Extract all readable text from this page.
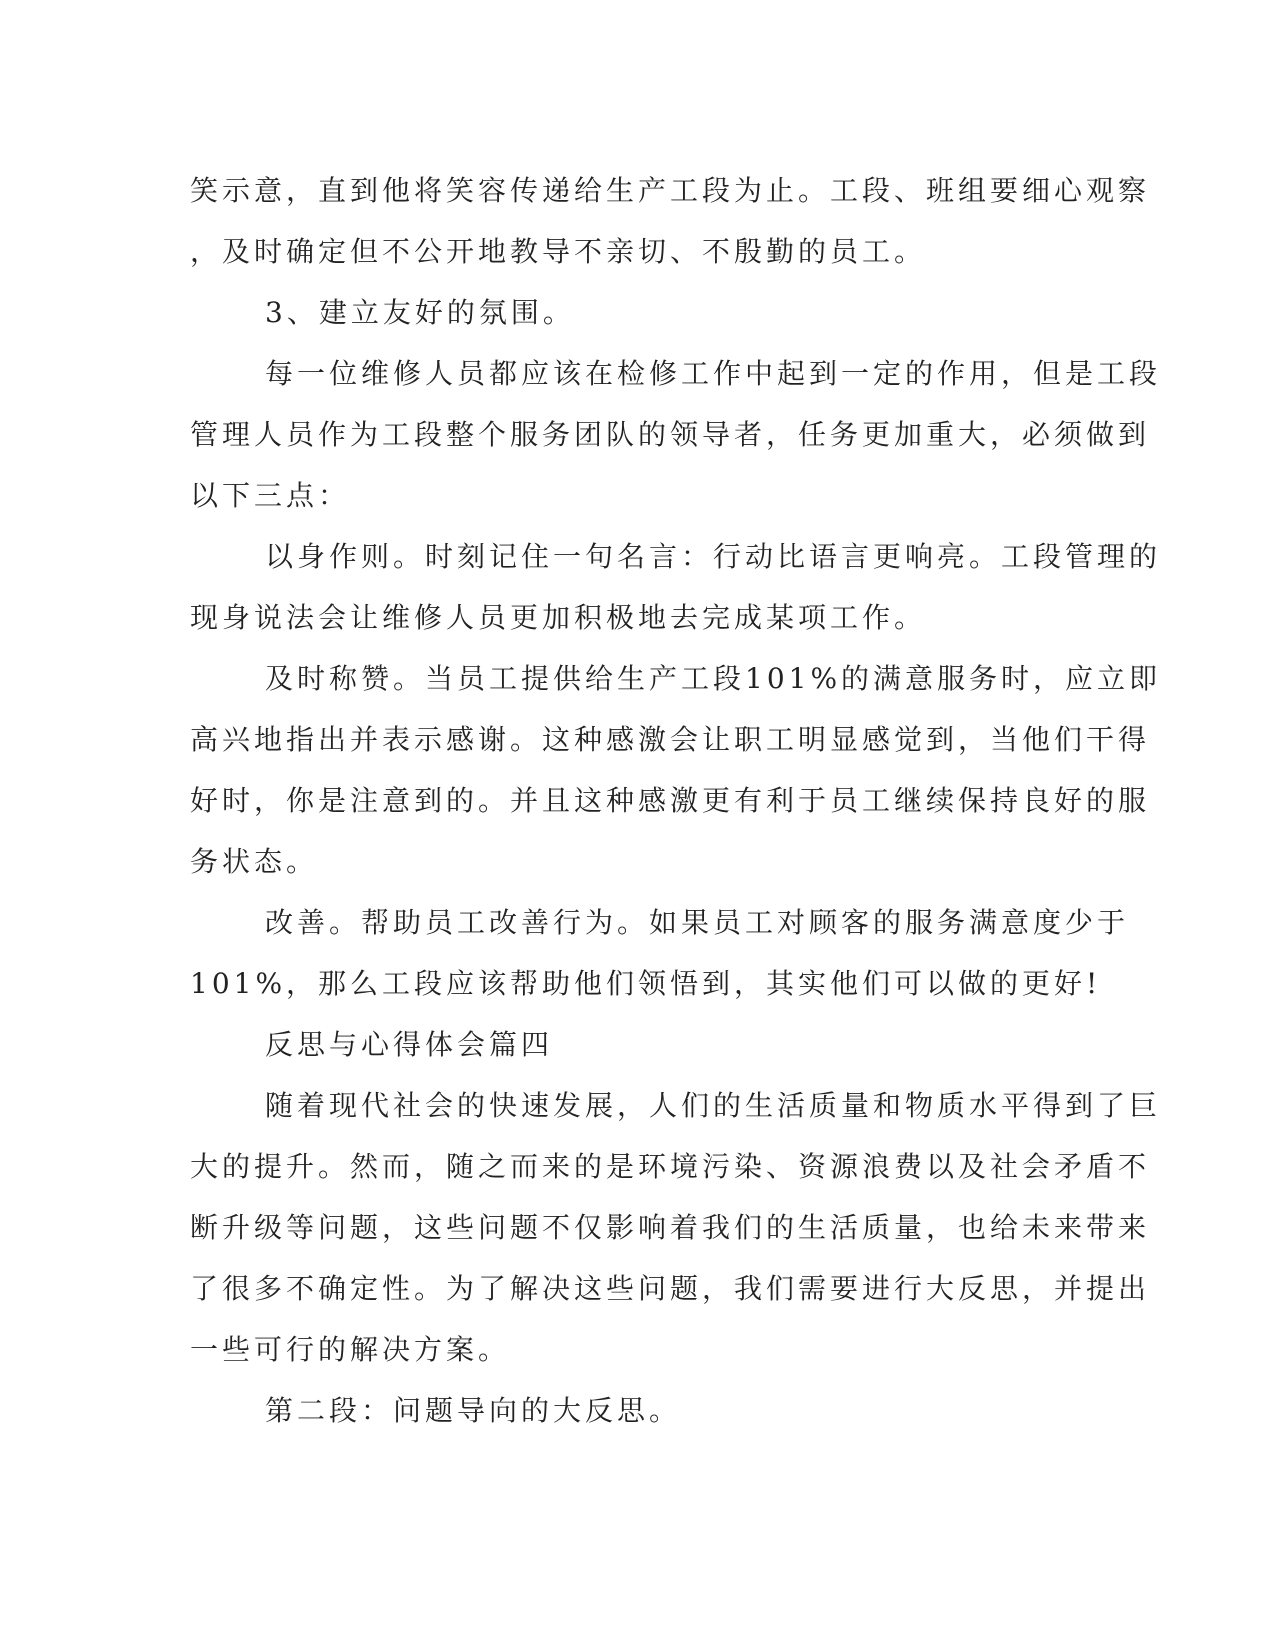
笑示意，直到他将笑容传递给生产工段为止。工段、班组要细心观察
，及时确定但不公开地教导不亲切、不殷勤的员工。
3、建立友好的氛围。
每一位维修人员都应该在检修工作中起到一定的作用，但是工段
管理人员作为工段整个服务团队的领导者，任务更加重大，必须做到
以下三点：
以身作则。时刻记住一句名言：行动比语言更响亮。工段管理的
现身说法会让维修人员更加积极地去完成某项工作。
及时称赞。当员工提供给生产工段101%的满意服务时，应立即
高兴地指出并表示感谢。这种感激会让职工明显感觉到，当他们干得
好时，你是注意到的。并且这种感激更有利于员工继续保持良好的服
务状态。
改善。帮助员工改善行为。如果员工对顾客的服务满意度少于
101%，那么工段应该帮助他们领悟到，其实他们可以做的更好!
反思与心得体会篇四
随着现代社会的快速发展，人们的生活质量和物质水平得到了巨
大的提升。然而，随之而来的是环境污染、资源浪费以及社会矛盾不
断升级等问题，这些问题不仅影响着我们的生活质量，也给未来带来
了很多不确定性。为了解决这些问题，我们需要进行大反思，并提出
一些可行的解决方案。
第二段：问题导向的大反思。
